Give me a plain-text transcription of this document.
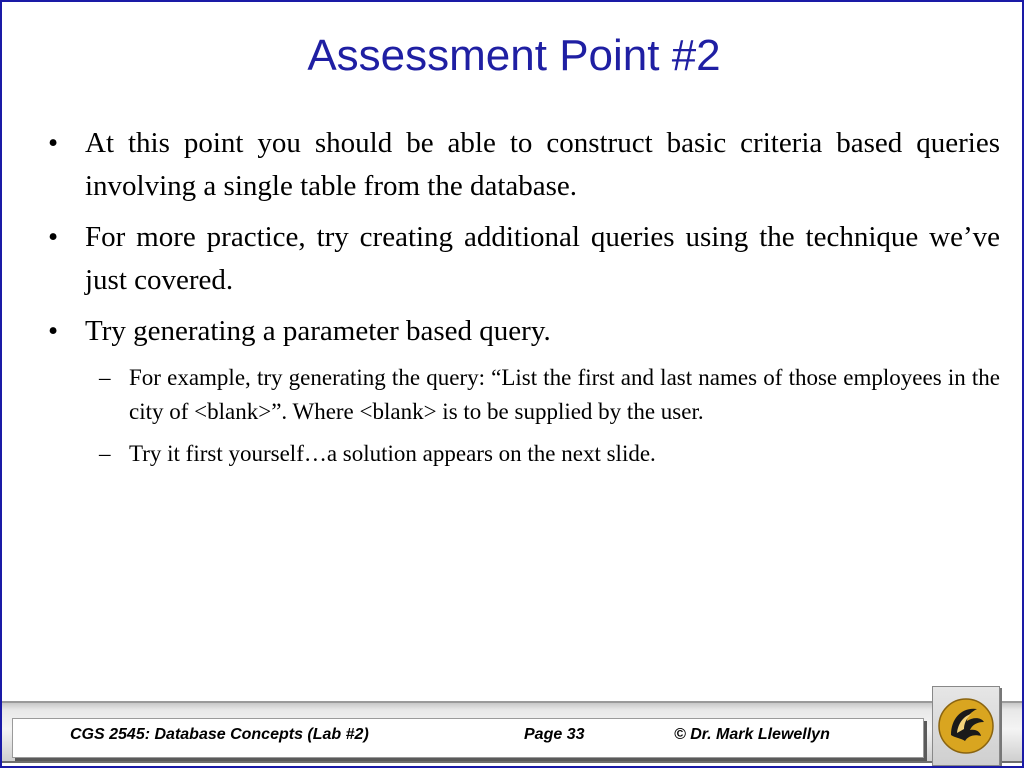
Assessment Point #2
• At this point you should be able to construct basic criteria based queries involving a single table from the database.
• For more practice, try creating additional queries using the technique we’ve just covered.
• Try generating a parameter based query.
– For example, try generating the query: “List the first and last names of those employees in the city of <blank>”. Where <blank> is to be supplied by the user.
– Try it first yourself…a solution appears on the next slide.
CGS 2545: Database Concepts (Lab #2)	Page 33	© Dr. Mark Llewellyn
